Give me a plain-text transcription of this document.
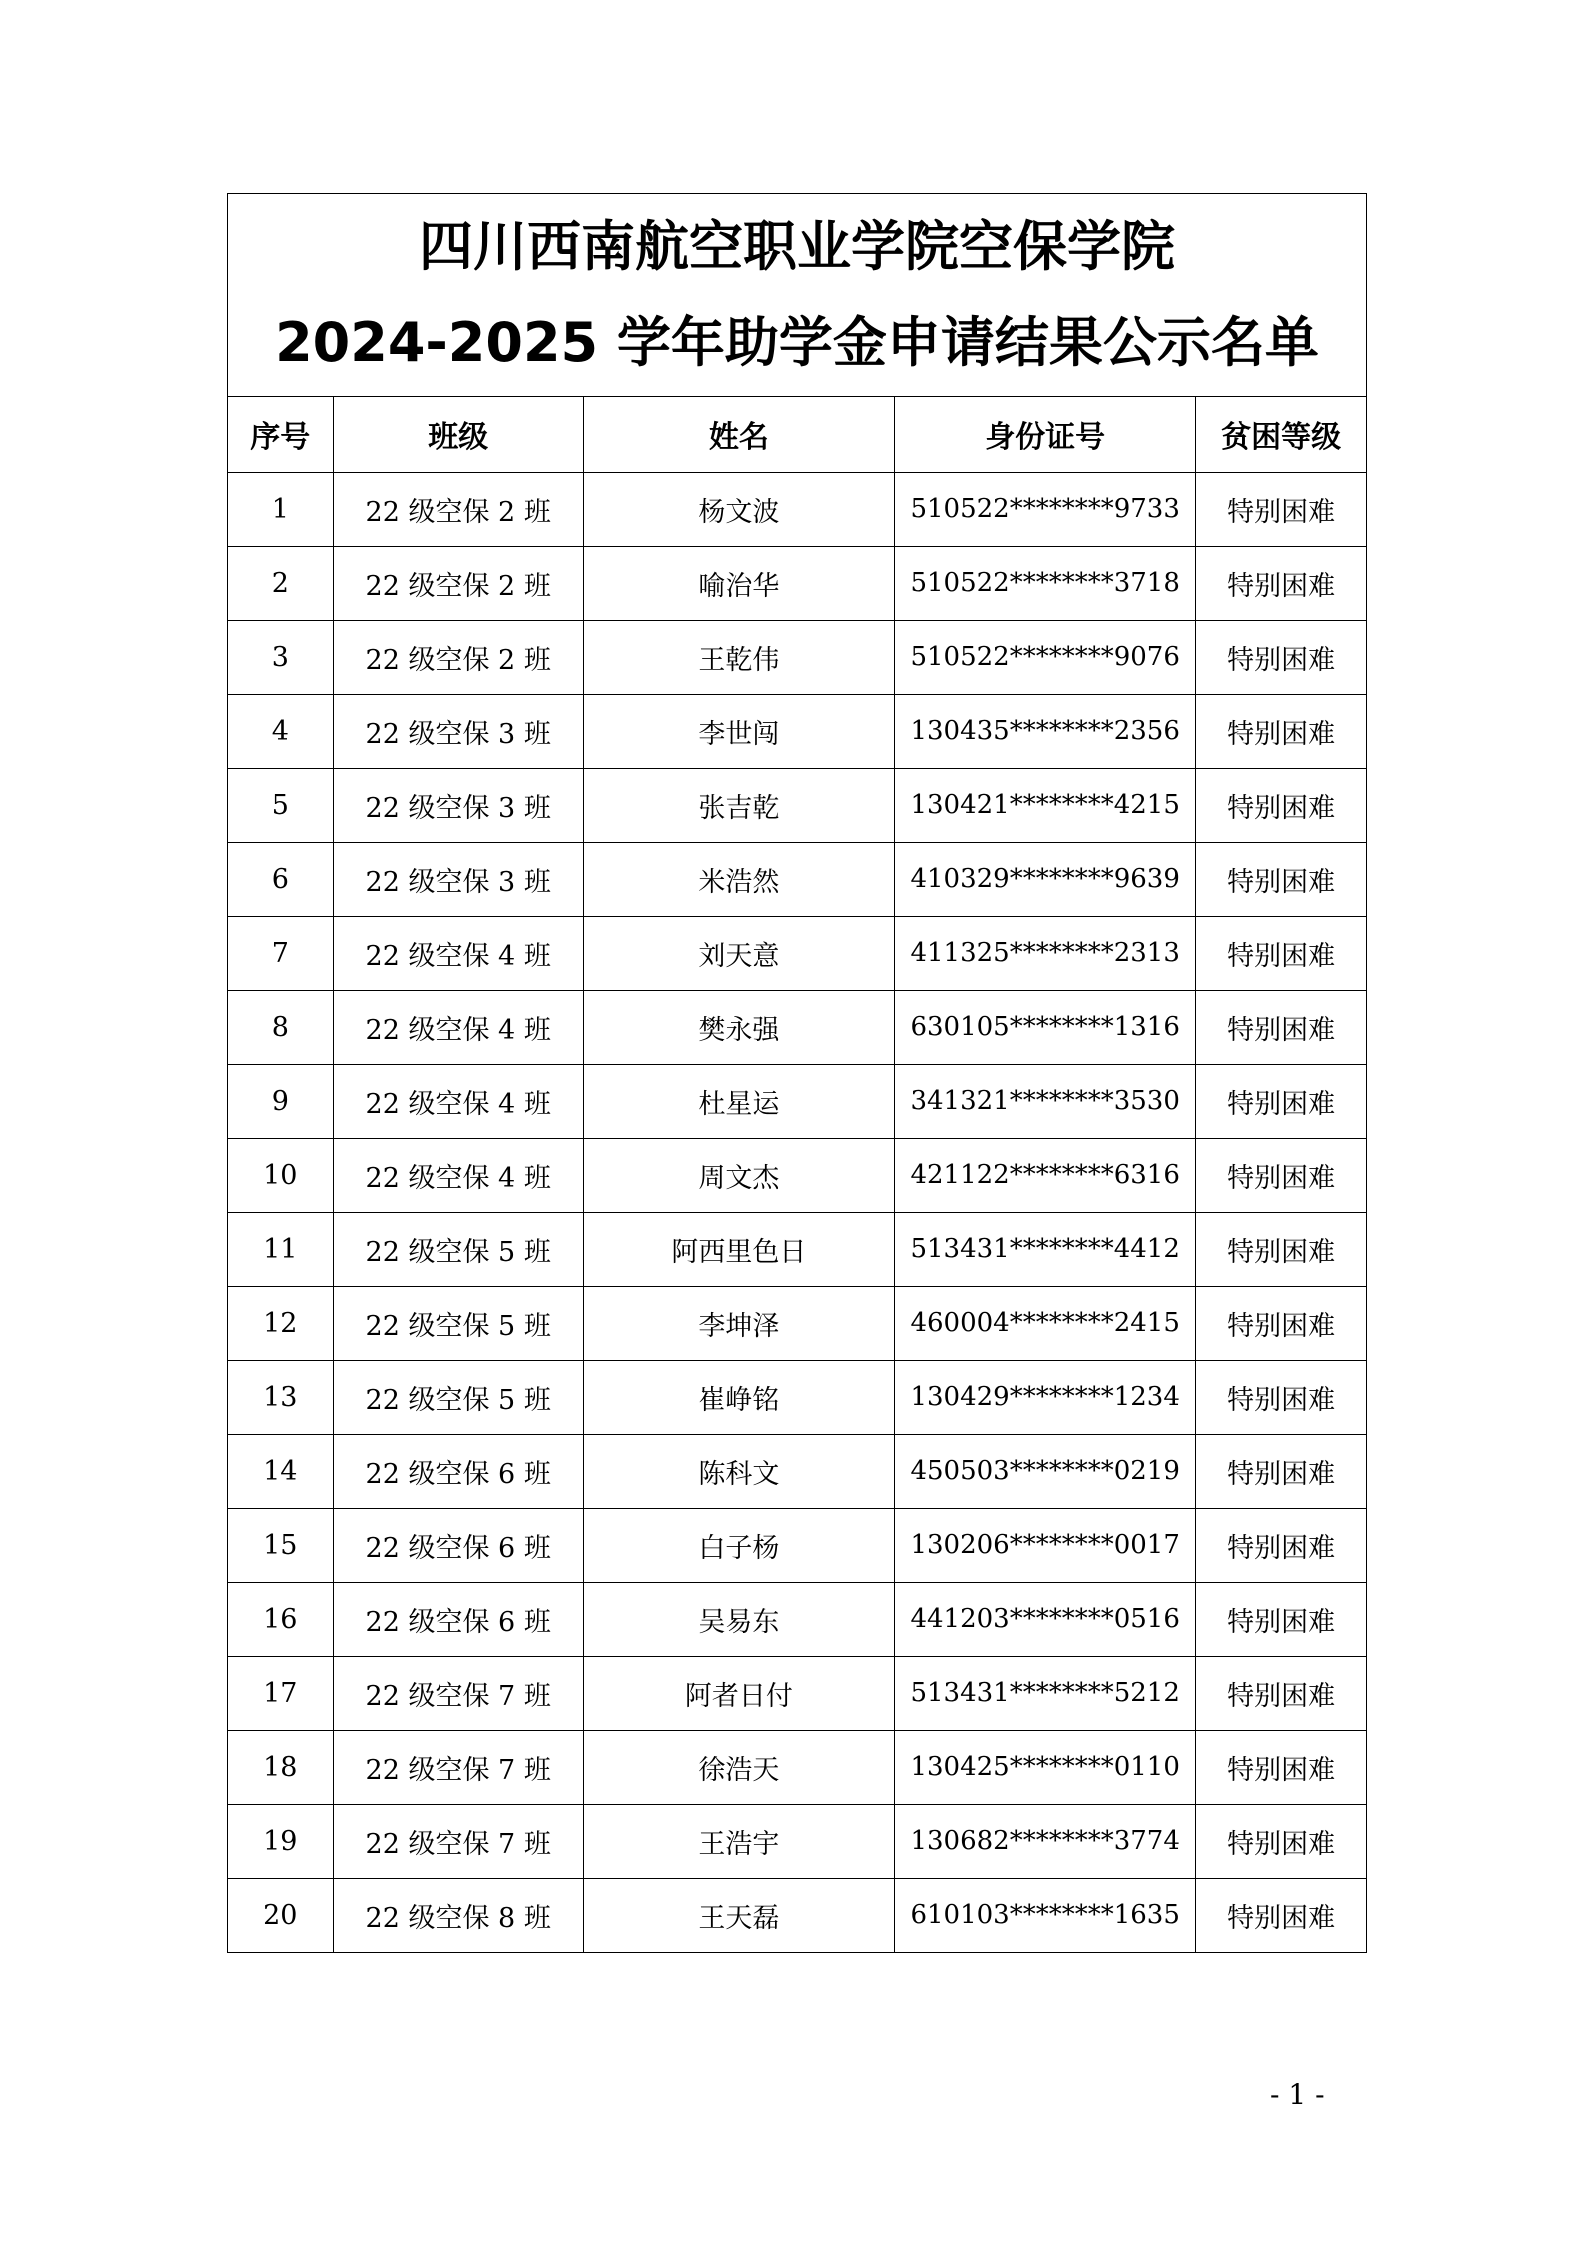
四川西南航空职业学院空保学院
2024-2025 学年助学金申请结果公示名单
序号	班级	姓名	身份证号	贫困等级
1	22 级空保 2 班	杨文波	510522********9733	特别困难
2	22 级空保 2 班	喻治华	510522********3718	特别困难
3	22 级空保 2 班	王乾伟	510522********9076	特别困难
4	22 级空保 3 班	李世闯	130435********2356	特别困难
5	22 级空保 3 班	张吉乾	130421********4215	特别困难
6	22 级空保 3 班	米浩然	410329********9639	特别困难
7	22 级空保 4 班	刘天意	411325********2313	特别困难
8	22 级空保 4 班	樊永强	630105********1316	特别困难
9	22 级空保 4 班	杜星运	341321********3530	特别困难
10	22 级空保 4 班	周文杰	421122********6316	特别困难
11	22 级空保 5 班	阿西里色日	513431********4412	特别困难
12	22 级空保 5 班	李坤泽	460004********2415	特别困难
13	22 级空保 5 班	崔峥铭	130429********1234	特别困难
14	22 级空保 6 班	陈科文	450503********0219	特别困难
15	22 级空保 6 班	白子杨	130206********0017	特别困难
16	22 级空保 6 班	吴易东	441203********0516	特别困难
17	22 级空保 7 班	阿者日付	513431********5212	特别困难
18	22 级空保 7 班	徐浩天	130425********0110	特别困难
19	22 级空保 7 班	王浩宇	130682********3774	特别困难
20	22 级空保 8 班	王天磊	610103********1635	特别困难
- 1 -
